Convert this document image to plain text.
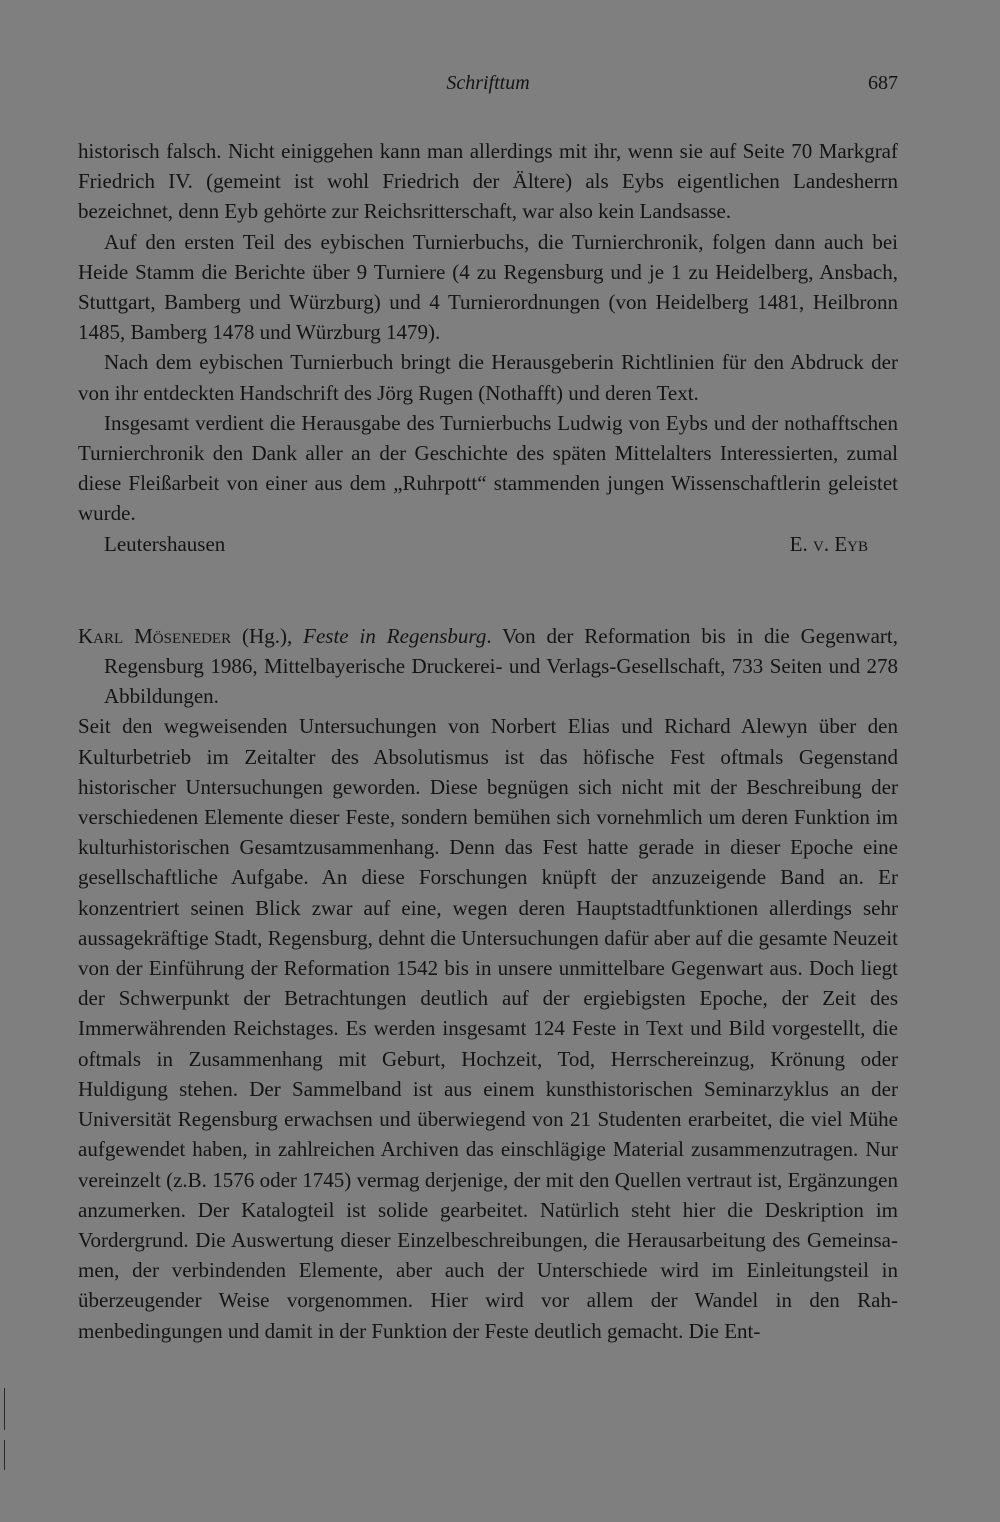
Schrifttum	687

historisch falsch. Nicht einiggehen kann man allerdings mit ihr, wenn sie auf Seite 70 Markgraf Friedrich IV. (gemeint ist wohl Friedrich der Ältere) als Eybs eigentlichen Landesherrn bezeichnet, denn Eyb gehörte zur Reichsritterschaft, war also kein Landsasse.

Auf den ersten Teil des eybischen Turnierbuchs, die Turnierchronik, folgen dann auch bei Heide Stamm die Berichte über 9 Turniere (4 zu Regensburg und je 1 zu Heidelberg, Ansbach, Stuttgart, Bamberg und Würzburg) und 4 Turnierordnungen (von Heidelberg 1481, Heilbronn 1485, Bamberg 1478 und Würzburg 1479).

Nach dem eybischen Turnierbuch bringt die Herausgeberin Richtlinien für den Abdruck der von ihr entdeckten Handschrift des Jörg Rugen (Nothafft) und deren Text.

Insgesamt verdient die Herausgabe des Turnierbuchs Ludwig von Eybs und der nothafftschen Turnierchronik den Dank aller an der Geschichte des späten Mittelalters Interessierten, zumal diese Fleißarbeit von einer aus dem „Ruhrpott“ stammenden jungen Wissenschaftlerin geleistet wurde.

Leutershausen	E. v. Eyb

Karl Möseneder (Hg.), Feste in Regensburg. Von der Reformation bis in die Gegenwart, Regensburg 1986, Mittelbayerische Druckerei- und Verlags-Gesellschaft, 733 Seiten und 278 Abbildungen.

Seit den wegweisenden Untersuchungen von Norbert Elias und Richard Alewyn über den Kulturbetrieb im Zeitalter des Absolutismus ist das höfische Fest oftmals Gegenstand historischer Untersuchungen geworden. Diese begnügen sich nicht mit der Beschreibung der verschiedenen Elemente dieser Feste, sondern bemühen sich vornehmlich um deren Funktion im kulturhistorischen Gesamtzusammenhang. Denn das Fest hatte gerade in dieser Epoche eine gesellschaftliche Aufgabe. An diese Forschungen knüpft der anzuzeigende Band an. Er konzentriert seinen Blick zwar auf eine, wegen deren Hauptstadtfunktionen allerdings sehr aussagekräftige Stadt, Regensburg, dehnt die Untersuchungen dafür aber auf die gesamte Neuzeit von der Einführung der Reformation 1542 bis in unsere unmittelbare Gegenwart aus. Doch liegt der Schwerpunkt der Betrachtungen deutlich auf der ergiebigsten Epoche, der Zeit des Immerwährenden Reichstages. Es werden insgesamt 124 Feste in Text und Bild vorgestellt, die oftmals in Zusammenhang mit Geburt, Hochzeit, Tod, Herrschereinzug, Krönung oder Huldigung stehen. Der Sammelband ist aus einem kunsthistorischen Seminarzyklus an der Universität Regensburg erwachsen und überwiegend von 21 Studenten erarbeitet, die viel Mühe aufgewendet haben, in zahlreichen Archiven das einschlägige Material zusammenzutragen. Nur vereinzelt (z.B. 1576 oder 1745) vermag derjenige, der mit den Quellen vertraut ist, Ergänzungen anzumerken. Der Katalogteil ist solide gearbeitet. Natürlich steht hier die Deskription im Vordergrund. Die Auswertung dieser Einzelbeschreibungen, die Herausarbeitung des Gemeinsamen, der verbindenden Elemente, aber auch der Unterschiede wird im Einleitungsteil in überzeugender Weise vorgenommen. Hier wird vor allem der Wandel in den Rahmenbedingungen und damit in der Funktion der Feste deutlich gemacht. Die Ent-
